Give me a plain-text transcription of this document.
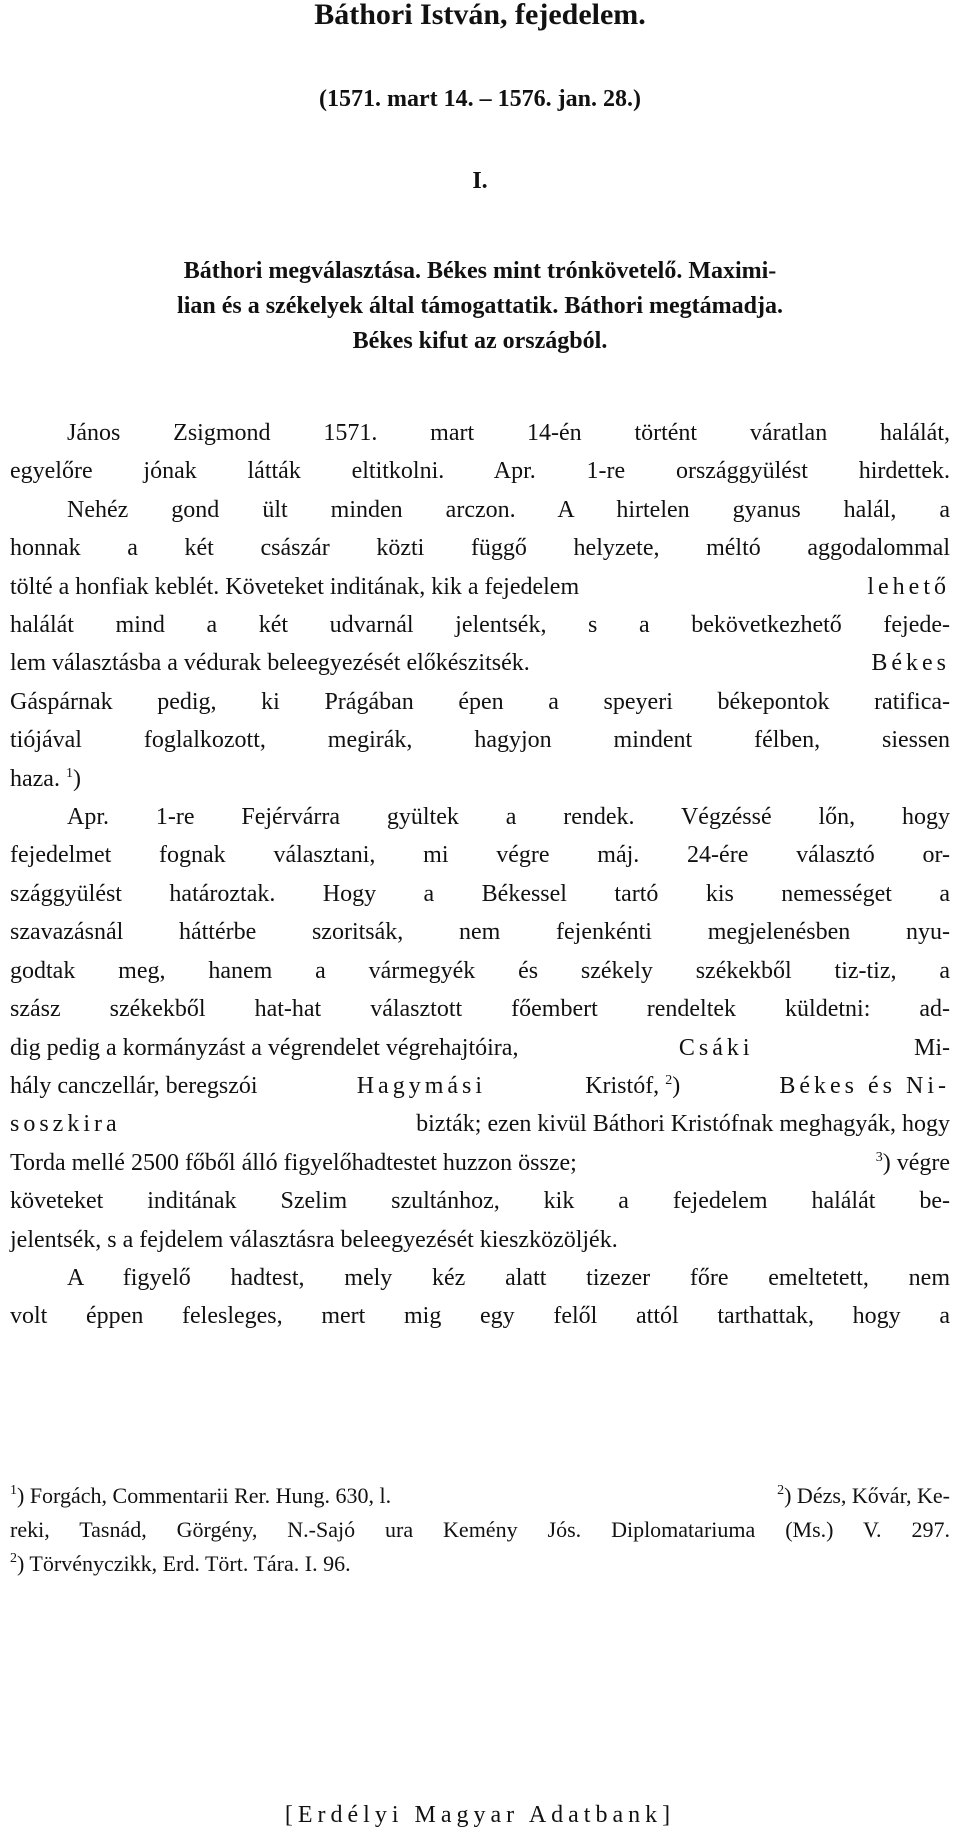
Báthori István, fejedelem.
(1571. mart 14. – 1576. jan. 28.)
I.
Báthori megválasztása. Békes mint trónkövetelő. Maximi-
lian és a székelyek által támogattatik. Báthori megtámadja.
Békes kifut az országból.
János Zsigmond 1571. mart 14-én történt váratlan halálát,
egyelőre jónak látták eltitkolni. Apr. 1-re országgyülést hirdettek.
Nehéz gond ült minden arczon. A hirtelen gyanus halál, a
honnak a két császár közti függő helyzete, méltó aggodalommal
tölté a honfiak keblét. Követeket inditának, kik a fejedelem	lehető
halálát mind a két udvarnál jelentsék, s a bekövetkezhető fejede-
lem választásba a védurak beleegyezését előkészitsék.	Békes
Gáspárnak pedig, ki Prágában épen a speyeri békepontok ratifica-
tiójával foglalkozott, megirák, hagyjon mindent félben, siessen
haza. $^1$)
Apr. 1-re Fejérvárra gyültek a rendek. Végzéssé lőn, hogy
fejedelmet fognak választani, mi végre máj. 24-ére választó or-
szággyülést határoztak. Hogy a Békessel tartó kis nemességet a
szavazásnál háttérbe szoritsák, nem fejenkénti megjelenésben nyu-
godtak meg, hanem a vármegyék és székely székekből tiz-tiz, a
szász székekből hat-hat választott főembert rendeltek küldetni: ad-
dig pedig a kormányzást a végrendelet végrehajtóira,	Csáki	Mi-
hály canczellár, beregszói	Hagymási	Kristóf, $^2$)	Békes és Ni-
soszkira	bizták; ezen kivül Báthori Kristófnak meghagyák, hogy
Torda mellé 2500 főből álló figyelőhadtestet huzzon össze;	$^3$) végre
követeket inditának Szelim szultánhoz, kik a fejedelem halálát be-
jelentsék, s a fejdelem választásra beleegyezését kieszközöljék.
A figyelő hadtest, mely kéz alatt tizezer főre emeltetett, nem
volt éppen felesleges, mert mig egy felől attól tarthattak, hogy a
$^1$) Forgách, Commentarii Rer. Hung. 630, l.	$^2$) Dézs, Kővár, Ke-
reki, Tasnád, Görgény, N.-Sajó ura Kemény Jós. Diplomatariuma (Ms.) V. 297.
$^2$) Törvényczikk, Erd. Tört. Tára. I. 96.
[Erdélyi Magyar Adatbank]
